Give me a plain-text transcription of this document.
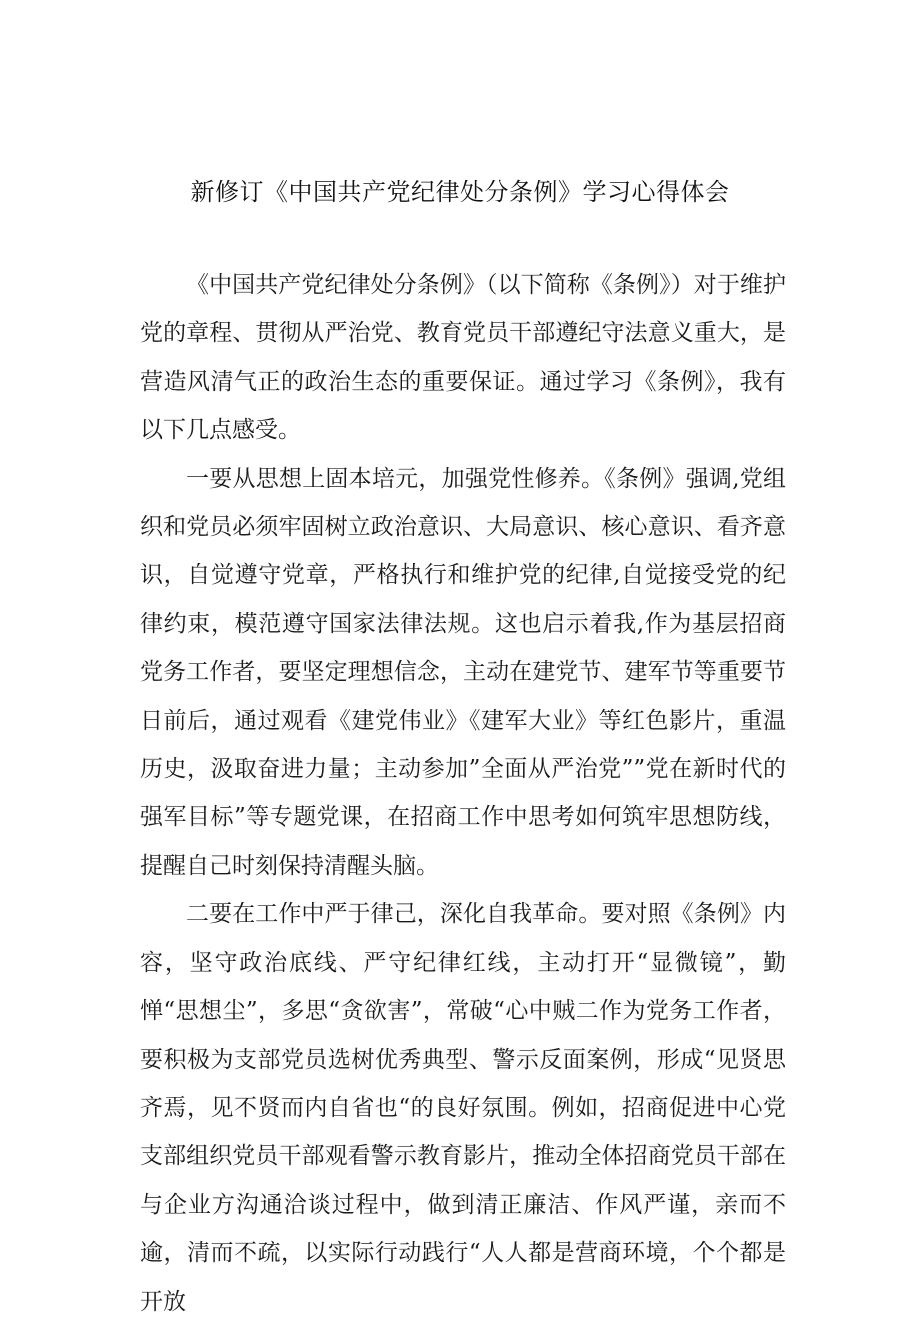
新修订《中国共产党纪律处分条例》学习心得体会

《中国共产党纪律处分条例》（以下简称《条例》）对于维护党的章程、贯彻从严治党、教育党员干部遵纪守法意义重大，是营造风清气正的政治生态的重要保证。通过学习《条例》，我有以下几点感受。

一要从思想上固本培元，加强党性修养。《条例》强调,党组织和党员必须牢固树立政治意识、大局意识、核心意识、看齐意识，自觉遵守党章，严格执行和维护党的纪律,自觉接受党的纪律约束，模范遵守国家法律法规。这也启示着我,作为基层招商党务工作者，要坚定理想信念，主动在建党节、建军节等重要节日前后，通过观看《建党伟业》《建军大业》等红色影片，重温历史，汲取奋进力量；主动参加”全面从严治党””党在新时代的强军目标”等专题党课，在招商工作中思考如何筑牢思想防线，提醒自己时刻保持清醒头脑。

二要在工作中严于律己，深化自我革命。要对照《条例》内容，坚守政治底线、严守纪律红线，主动打开“显微镜”，勤惮“思想尘”，多思“贪欲害”，常破“心中贼二作为党务工作者，要积极为支部党员选树优秀典型、警示反面案例，形成“见贤思齐焉，见不贤而内自省也“的良好氛围。例如，招商促进中心党支部组织党员干部观看警示教育影片，推动全体招商党员干部在与企业方沟通洽谈过程中，做到清正廉洁、作风严谨，亲而不逾，清而不疏，以实际行动践行“人人都是营商环境，个个都是开放
